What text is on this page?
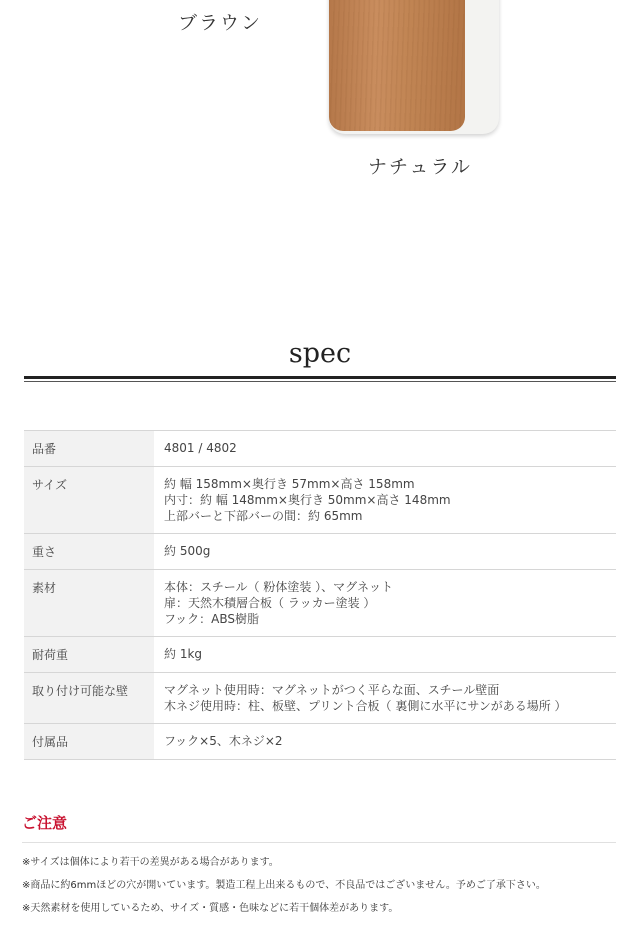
ブラウン
ナチュラル
spec
品番	4801 / 4802

サイズ	約 幅 158mm×奥行き 57mm×高さ 158mm
内寸：約 幅 148mm×奥行き 50mm×高さ 148mm
上部バーと下部バーの間：約 65mm

重さ	約 500g

素材	本体：スチール（ 粉体塗装 ）、マグネット
扉：天然木積層合板（ ラッカー塗装 ）
フック：ABS樹脂

耐荷重	約 1kg

取り付け可能な壁	マグネット使用時：マグネットがつく平らな面、スチール壁面
木ネジ使用時：柱、板壁、プリント合板（ 裏側に水平にサンがある場所 ）

付属品	フック×5、木ネジ×2
ご注意
※サイズは個体により若干の差異がある場合があります。
※商品に約6mmほどの穴が開いています。製造工程上出来るもので、不良品ではございません。予めご了承下さい。
※天然素材を使用しているため、サイズ・質感・色味などに若干個体差があります。
